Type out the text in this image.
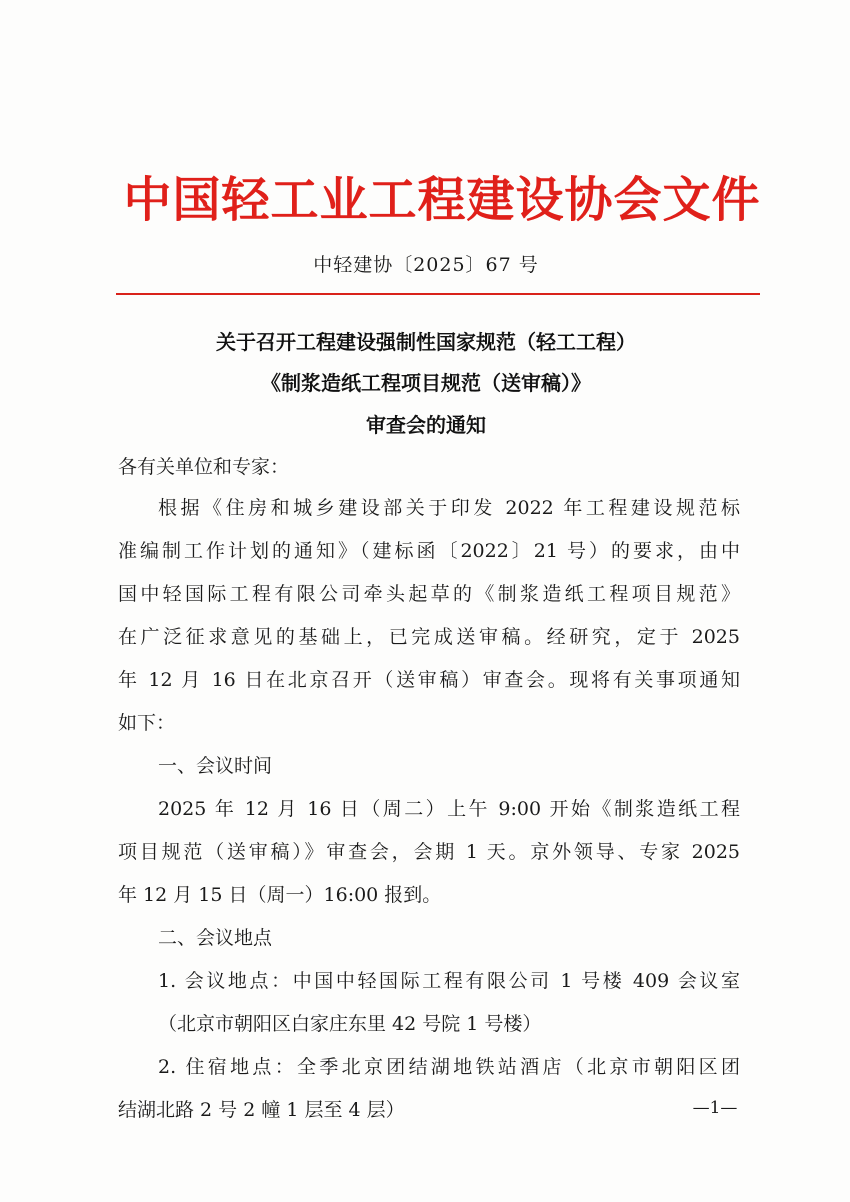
中国轻工业工程建设协会文件
中轻建协〔2025〕67 号
关于召开工程建设强制性国家规范（轻工工程）
《制浆造纸工程项目规范（送审稿）》
审查会的通知
各有关单位和专家：
根据《住房和城乡建设部关于印发 2022 年工程建设规范标
准编制工作计划的通知》（建标函〔2022〕21 号）的要求，由中
国中轻国际工程有限公司牵头起草的《制浆造纸工程项目规范》
在广泛征求意见的基础上，已完成送审稿。经研究，定于 2025
年 12 月 16 日在北京召开（送审稿）审查会。现将有关事项通知
如下：
一、会议时间
2025 年 12 月 16 日（周二）上午 9:00 开始《制浆造纸工程
项目规范（送审稿）》审查会，会期 1 天。京外领导、专家 2025
年 12 月 15 日（周一）16:00 报到。
二、会议地点
1. 会议地点：中国中轻国际工程有限公司 1 号楼 409 会议室
（北京市朝阳区白家庄东里 42 号院 1 号楼）
2. 住宿地点：全季北京团结湖地铁站酒店（北京市朝阳区团
结湖北路 2 号 2 幢 1 层至 4 层）	—1—
